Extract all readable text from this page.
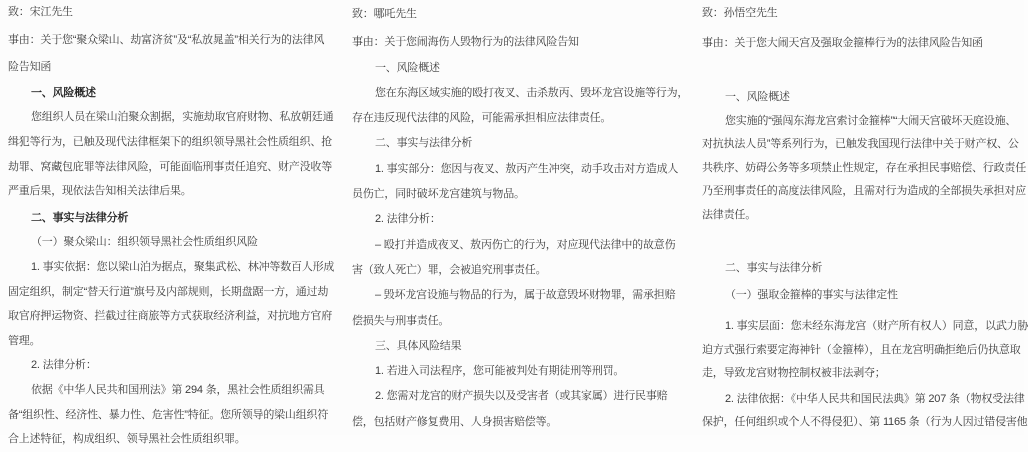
致：宋江先生
事由：关于您“聚众梁山、劫富济贫”及“私放晁盖”相关行为的法律风
险告知函
一、风险概述
您组织人员在梁山泊聚众割据，实施劫取官府财物、私放朝廷通
缉犯等行为，已触及现代法律框架下的组织领导黑社会性质组织、抢
劫罪、窝藏包庇罪等法律风险，可能面临刑事责任追究、财产没收等
严重后果，现依法告知相关法律后果。
二、事实与法律分析
（一）聚众梁山：组织领导黑社会性质组织风险
1. 事实依据：您以梁山泊为据点，聚集武松、林冲等数百人形成
固定组织，制定“替天行道”旗号及内部规则，长期盘踞一方，通过劫
取官府押运物资、拦截过往商旅等方式获取经济利益，对抗地方官府
管理。
2. 法律分析：
依据《中华人民共和国刑法》第 294 条，黑社会性质组织需具
备“组织性、经济性、暴力性、危害性”特征。您所领导的梁山组织符
合上述特征，构成组织、领导黑社会性质组织罪。
致：哪吒先生
事由：关于您闹海伤人毁物行为的法律风险告知
一、风险概述
您在东海区域实施的殴打夜叉、击杀敖丙、毁坏龙宫设施等行为，
存在违反现代法律的风险，可能需承担相应法律责任。
二、事实与法律分析
1. 事实部分：您因与夜叉、敖丙产生冲突，动手攻击对方造成人
员伤亡，同时破坏龙宫建筑与物品。
2. 法律分析：
– 殴打并造成夜叉、敖丙伤亡的行为，对应现代法律中的故意伤
害（致人死亡）罪，会被追究刑事责任。
– 毁坏龙宫设施与物品的行为，属于故意毁坏财物罪，需承担赔
偿损失与刑事责任。
三、具体风险结果
1. 若进入司法程序，您可能被判处有期徒刑等刑罚。
2. 您需对龙宫的财产损失以及受害者（或其家属）进行民事赔
偿，包括财产修复费用、人身损害赔偿等。
致：孙悟空先生
事由：关于您大闹天宫及强取金箍棒行为的法律风险告知函
一、风险概述
您实施的“强闯东海龙宫索讨金箍棒”“大闹天宫破坏天庭设施、
对抗执法人员”等系列行为，已触发我国现行法律中关于财产权、公
共秩序、妨碍公务等多项禁止性规定，存在承担民事赔偿、行政责任
乃至刑事责任的高度法律风险，且需对行为造成的全部损失承担对应
法律责任。
二、事实与法律分析
（一）强取金箍棒的事实与法律定性
1. 事实层面：您未经东海龙宫（财产所有权人）同意，以武力胁
迫方式强行索要定海神针（金箍棒），且在龙宫明确拒绝后仍执意取
走，导致龙宫财物控制权被非法剥夺；
2. 法律依据：《中华人民共和国民法典》第 207 条（物权受法律
保护，任何组织或个人不得侵犯）、第 1165 条（行为人因过错侵害他
